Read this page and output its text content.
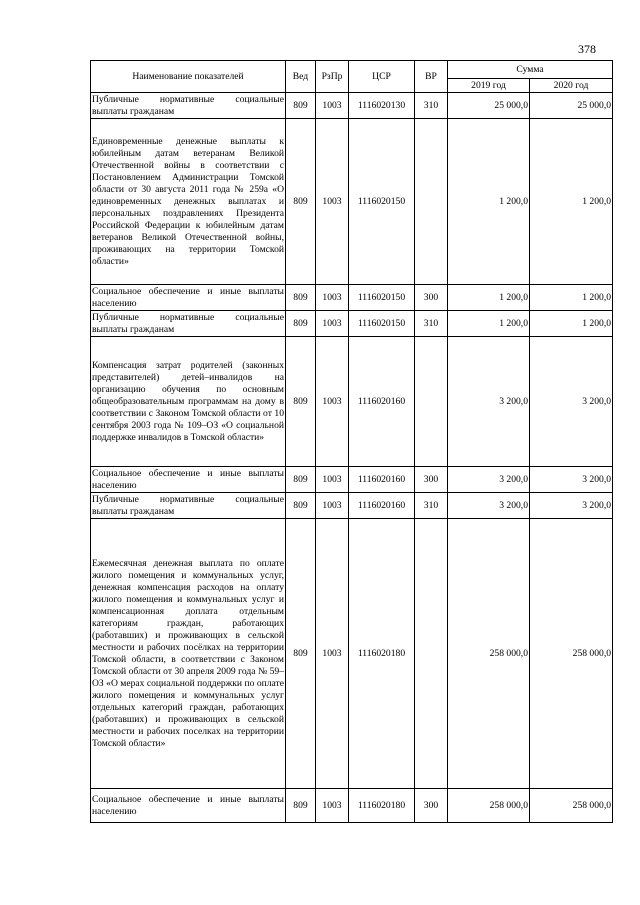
378
Наименование показателей	Вед	РзПр	ЦСР	ВР	Сумма	
					2019 год	2020 год
Публичные нормативные социальные выплаты гражданам	809	1003	1116020130	310	25 000,0	25 000,0
Единовременные денежные выплаты к юбилейным датам ветеранам Великой Отечественной войны в соответствии с Постановлением Администрации Томской области от 30 августа 2011 года № 259а «О единовременных денежных выплатах и персональных поздравлениях Президента Российской Федерации к юбилейным датам ветеранов Великой Отечественной войны, проживающих на территории Томской области»	809	1003	1116020150		1 200,0	1 200,0
Социальное обеспечение и иные выплаты населению	809	1003	1116020150	300	1 200,0	1 200,0
Публичные нормативные социальные выплаты гражданам	809	1003	1116020150	310	1 200,0	1 200,0
Компенсация затрат родителей (законных представителей) детей–инвалидов на организацию обучения по основным общеобразовательным программам на дому в соответствии с Законом Томской области от 10 сентября 2003 года № 109–ОЗ «О социальной поддержке инвалидов в Томской области»	809	1003	1116020160		3 200,0	3 200,0
Социальное обеспечение и иные выплаты населению	809	1003	1116020160	300	3 200,0	3 200,0
Публичные нормативные социальные выплаты гражданам	809	1003	1116020160	310	3 200,0	3 200,0
Ежемесячная денежная выплата по оплате жилого помещения и коммунальных услуг, денежная компенсация расходов на оплату жилого помещения и коммунальных услуг и компенсационная доплата отдельным категориям граждан, работающих (работавших) и проживающих в сельской местности и рабочих посёлках на территории Томской области, в соответствии с Законом Томской области от 30 апреля 2009 года № 59–ОЗ «О мерах социальной поддержки по оплате жилого помещения и коммунальных услуг отдельных категорий граждан, работающих (работавших) и проживающих в сельской местности и рабочих поселках на территории Томской области»	809	1003	1116020180		258 000,0	258 000,0
Социальное обеспечение и иные выплаты населению	809	1003	1116020180	300	258 000,0	258 000,0
